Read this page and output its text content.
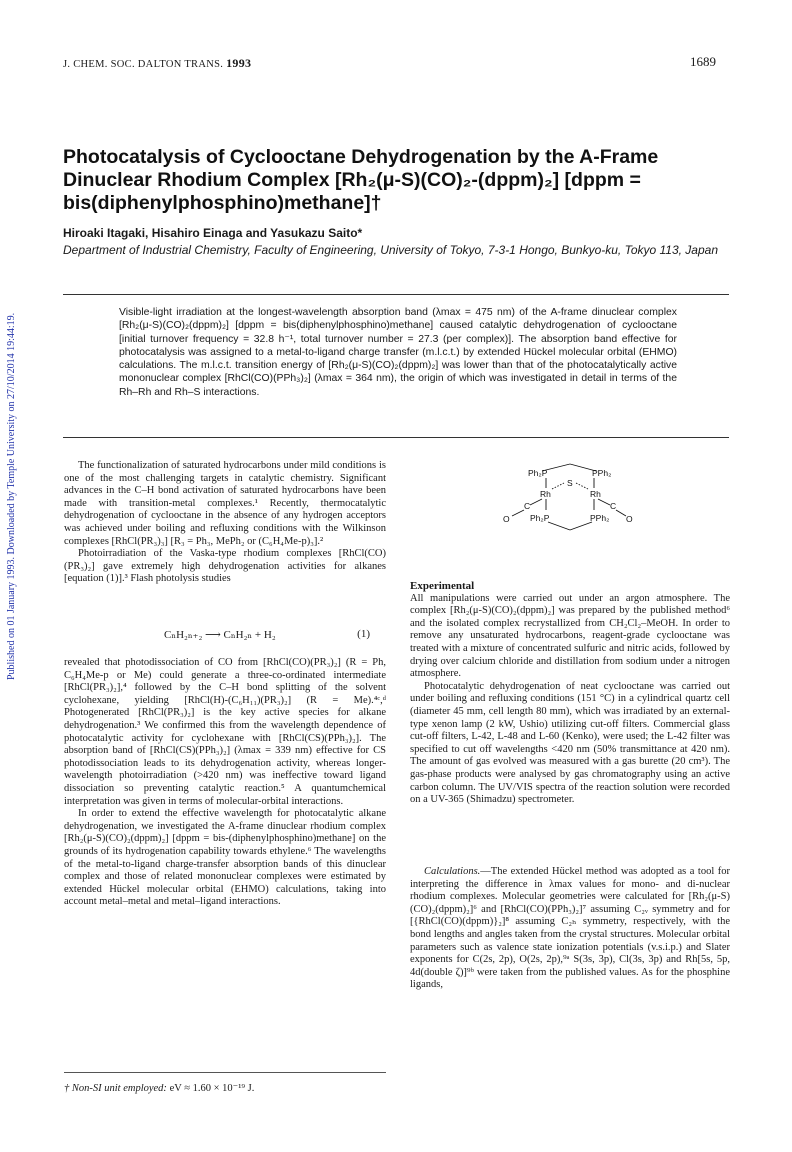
J. CHEM. SOC. DALTON TRANS. 1993	1689
Published on 01 January 1993. Downloaded by Temple University on 27/10/2014 19:44:19.
Photocatalysis of Cyclooctane Dehydrogenation by the A-Frame Dinuclear Rhodium Complex [Rh₂(μ-S)(CO)₂-(dppm)₂] [dppm = bis(diphenylphosphino)methane]†
Hiroaki Itagaki, Hisahiro Einaga and Yasukazu Saito*
Department of Industrial Chemistry, Faculty of Engineering, University of Tokyo, 7-3-1 Hongo, Bunkyo-ku, Tokyo 113, Japan
Visible-light irradiation at the longest-wavelength absorption band (λmax = 475 nm) of the A-frame dinuclear complex [Rh₂(μ-S)(CO)₂(dppm)₂] [dppm = bis(diphenylphosphino)methane] caused catalytic dehydrogenation of cyclooctane [initial turnover frequency = 32.8 h⁻¹, total turnover number = 27.3 (per complex)]. The absorption band effective for photocatalysis was assigned to a metal-to-ligand charge transfer (m.l.c.t.) by extended Hückel molecular orbital (EHMO) calculations. The m.l.c.t. transition energy of [Rh₂(μ-S)(CO)₂(dppm)₂] was lower than that of the photocatalytically active mononuclear complex [RhCl(CO)(PPh₃)₂] (λmax = 364 nm), the origin of which was investigated in detail in terms of the Rh–Rh and Rh–S interactions.

The functionalization of saturated hydrocarbons under mild conditions is one of the most challenging targets in catalytic chemistry. Significant advances in the C–H bond activation of saturated hydrocarbons have been made with transition-metal complexes.¹ Recently, thermocatalytic dehydrogenation of cyclooctane in the absence of any hydrogen acceptors was achieved under boiling and refluxing conditions with the Wilkinson complexes [RhCl(PR₃)₃] [R₃ = Ph₃, MePh₂ or (C₆H₄Me-p)₃].²

Photoirradiation of the Vaska-type rhodium complexes [RhCl(CO)(PR₃)₂] gave extremely high dehydrogenation activities for alkanes [equation (1)].³ Flash photolysis studies

CₙH₂ₙ₊₂ ⟶ CₙH₂ₙ + H₂	(1)

revealed that photodissociation of CO from [RhCl(CO)(PR₃)₂] (R = Ph, C₆H₄Me-p or Me) could generate a three-co-ordinated intermediate [RhCl(PR₃)₂],⁴ followed by the C–H bond splitting of the solvent cyclohexane, yielding [RhCl(H)-(C₆H₁₁)(PR₃)₂] (R = Me).⁴ᶜ,ᵈ Photogenerated [RhCl(PR₃)₂] is the key active species for alkane dehydrogenation.³ We confirmed this from the wavelength dependence of photocatalytic activity for cyclohexane with [RhCl(CS)(PPh₃)₂]. The absorption band of [RhCl(CS)(PPh₃)₂] (λmax = 339 nm) effective for CS photodissociation leads to its dehydrogenation activity, whereas longer-wavelength photoirradiation (>420 nm) was ineffective toward ligand dissociation so preventing catalytic reaction.⁵ A quantumchemical interpretation was given in terms of molecular-orbital interactions.

In order to extend the effective wavelength for photocatalytic alkane dehydrogenation, we investigated the A-frame dinuclear rhodium complex [Rh₂(μ-S)(CO)₂(dppm)₂] [dppm = bis-(diphenylphosphino)methane] on the grounds of its hydrogenation capability towards ethylene.⁶ The wavelengths of the metal-to-ligand charge-transfer absorption bands of this dinuclear complex and those of related mononuclear complexes were estimated by extended Hückel molecular orbital (EHMO) calculations, taking into account metal–metal and metal–ligand interactions.

† Non-SI unit employed: eV ≈ 1.60 × 10⁻¹⁹ J.
Ph₂P	PPh₂
S
Rh	Rh
C	C
O	O
Ph₂P	PPh₂

Experimental

All manipulations were carried out under an argon atmosphere. The complex [Rh₂(μ-S)(CO)₂(dppm)₂] was prepared by the published method⁶ and the isolated complex recrystallized from CH₂Cl₂–MeOH. In order to remove any unsaturated hydrocarbons, reagent-grade cyclooctane was treated with a mixture of concentrated sulfuric and nitric acids, followed by drying over calcium chloride and distillation from sodium under a nitrogen atmosphere.

Photocatalytic dehydrogenation of neat cyclooctane was carried out under boiling and refluxing conditions (151 °C) in a cylindrical quartz cell (diameter 45 mm, cell length 80 mm), which was irradiated by an external-type xenon lamp (2 kW, Ushio) utilizing cut-off filters. Commercial glass cut-off filters, L-42, L-48 and L-60 (Kenko), were used; the L-42 filter was specified to cut off wavelengths <420 nm (50% transmittance at 420 nm). The amount of gas evolved was measured with a gas burette (20 cm³). The gas-phase products were analysed by gas chromatography using an active carbon column. The UV/VIS spectra of the reaction solution were recorded on a UV-365 (Shimadzu) spectrometer.

Calculations.—The extended Hückel method was adopted as a tool for interpreting the difference in λmax values for mono- and di-nuclear rhodium complexes. Molecular geometries were calculated for [Rh₂(μ-S)(CO)₂(dppm)₂]⁶ and [RhCl(CO)(PPh₃)₂]⁷ assuming C₂ᵥ symmetry and for [{RhCl(CO)(dppm)}₂]⁸ assuming C₂ₕ symmetry, respectively, with the bond lengths and angles taken from the crystal structures. Molecular orbital parameters such as valence state ionization potentials (v.s.i.p.) and Slater exponents for C(2s, 2p), O(2s, 2p),⁹ᵃ S(3s, 3p), Cl(3s, 3p) and Rh[5s, 5p, 4d(double ζ)]⁹ᵇ were taken from the published values. As for the phosphine ligands,
